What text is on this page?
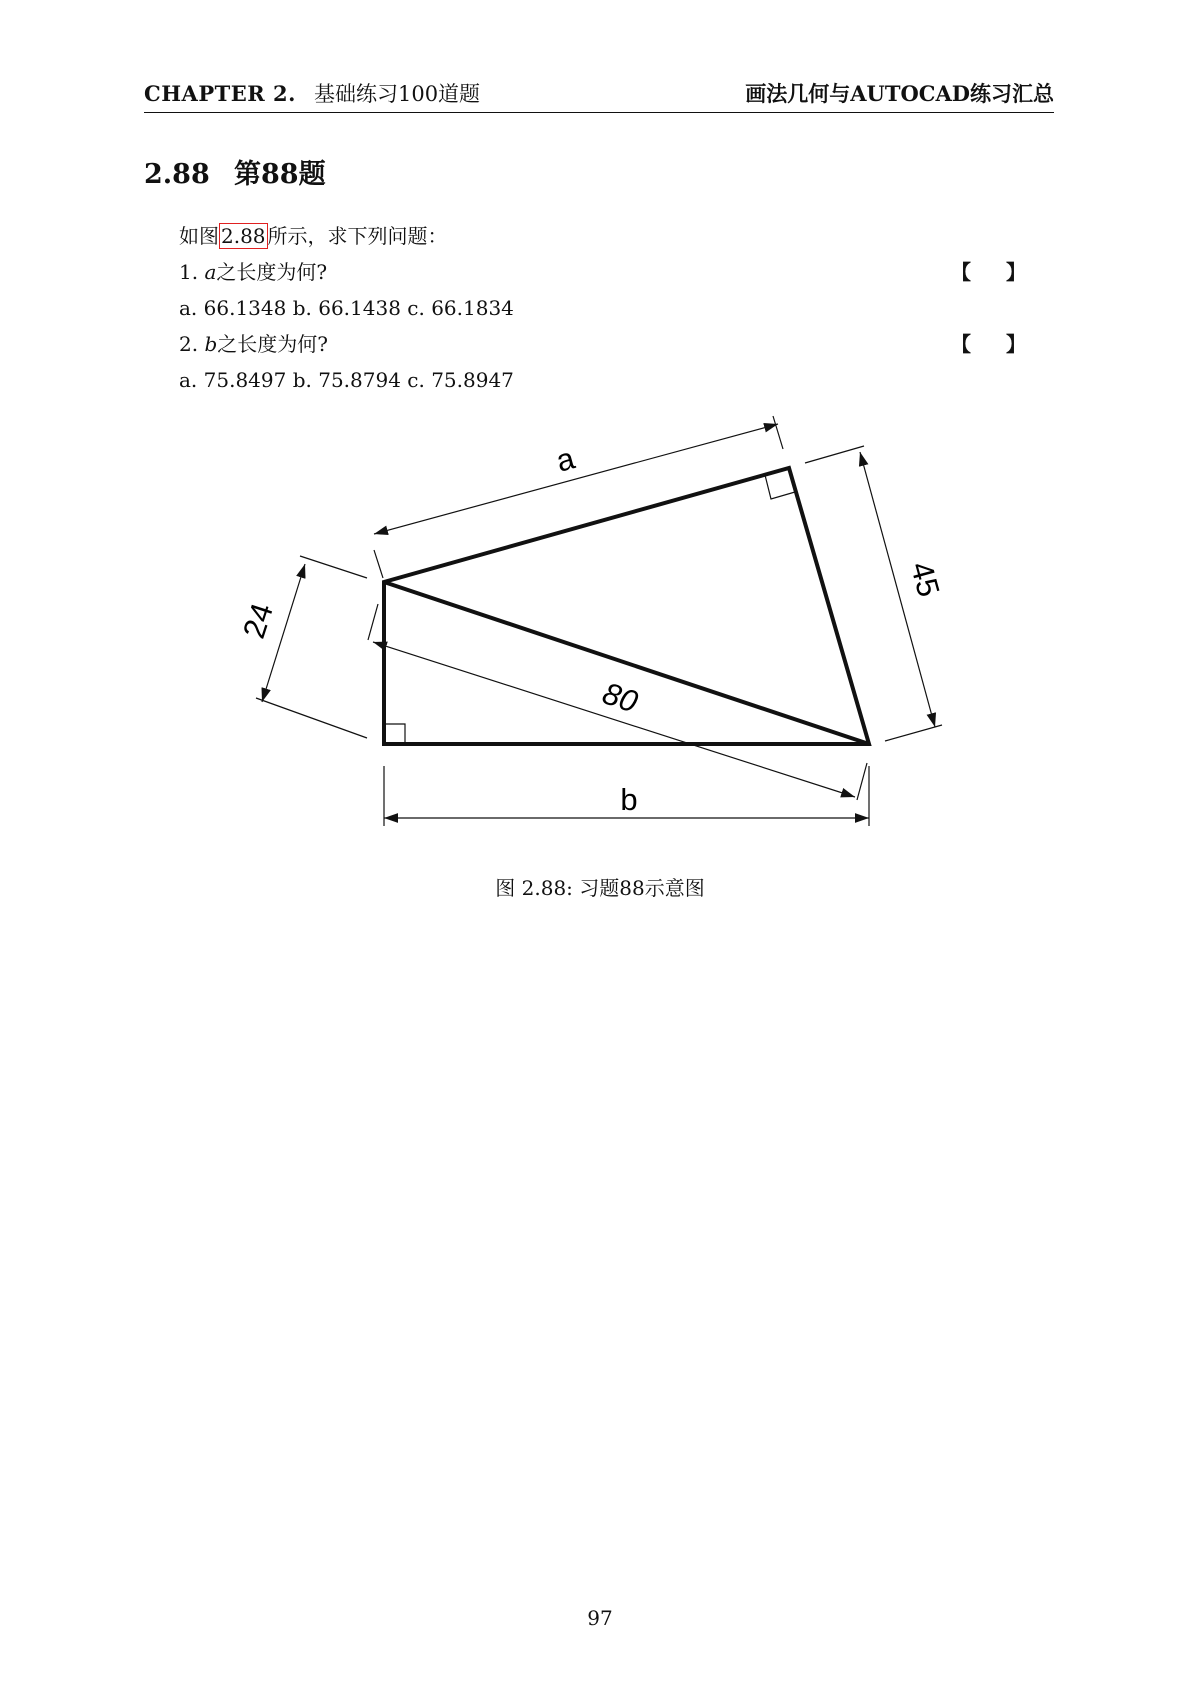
CHAPTER 2. 基础练习100道题	画法几何与AUTOCAD练习汇总
2.88 第88题
如图 2.88 所示，求下列问题：
1. a之长度为何?	【 】
a. 66.1348 b. 66.1438 c. 66.1834
2. b之长度为何?	【 】
a. 75.8497 b. 75.8794 c. 75.8947
a
45
24
80
b
图 2.88: 习题88示意图
97
